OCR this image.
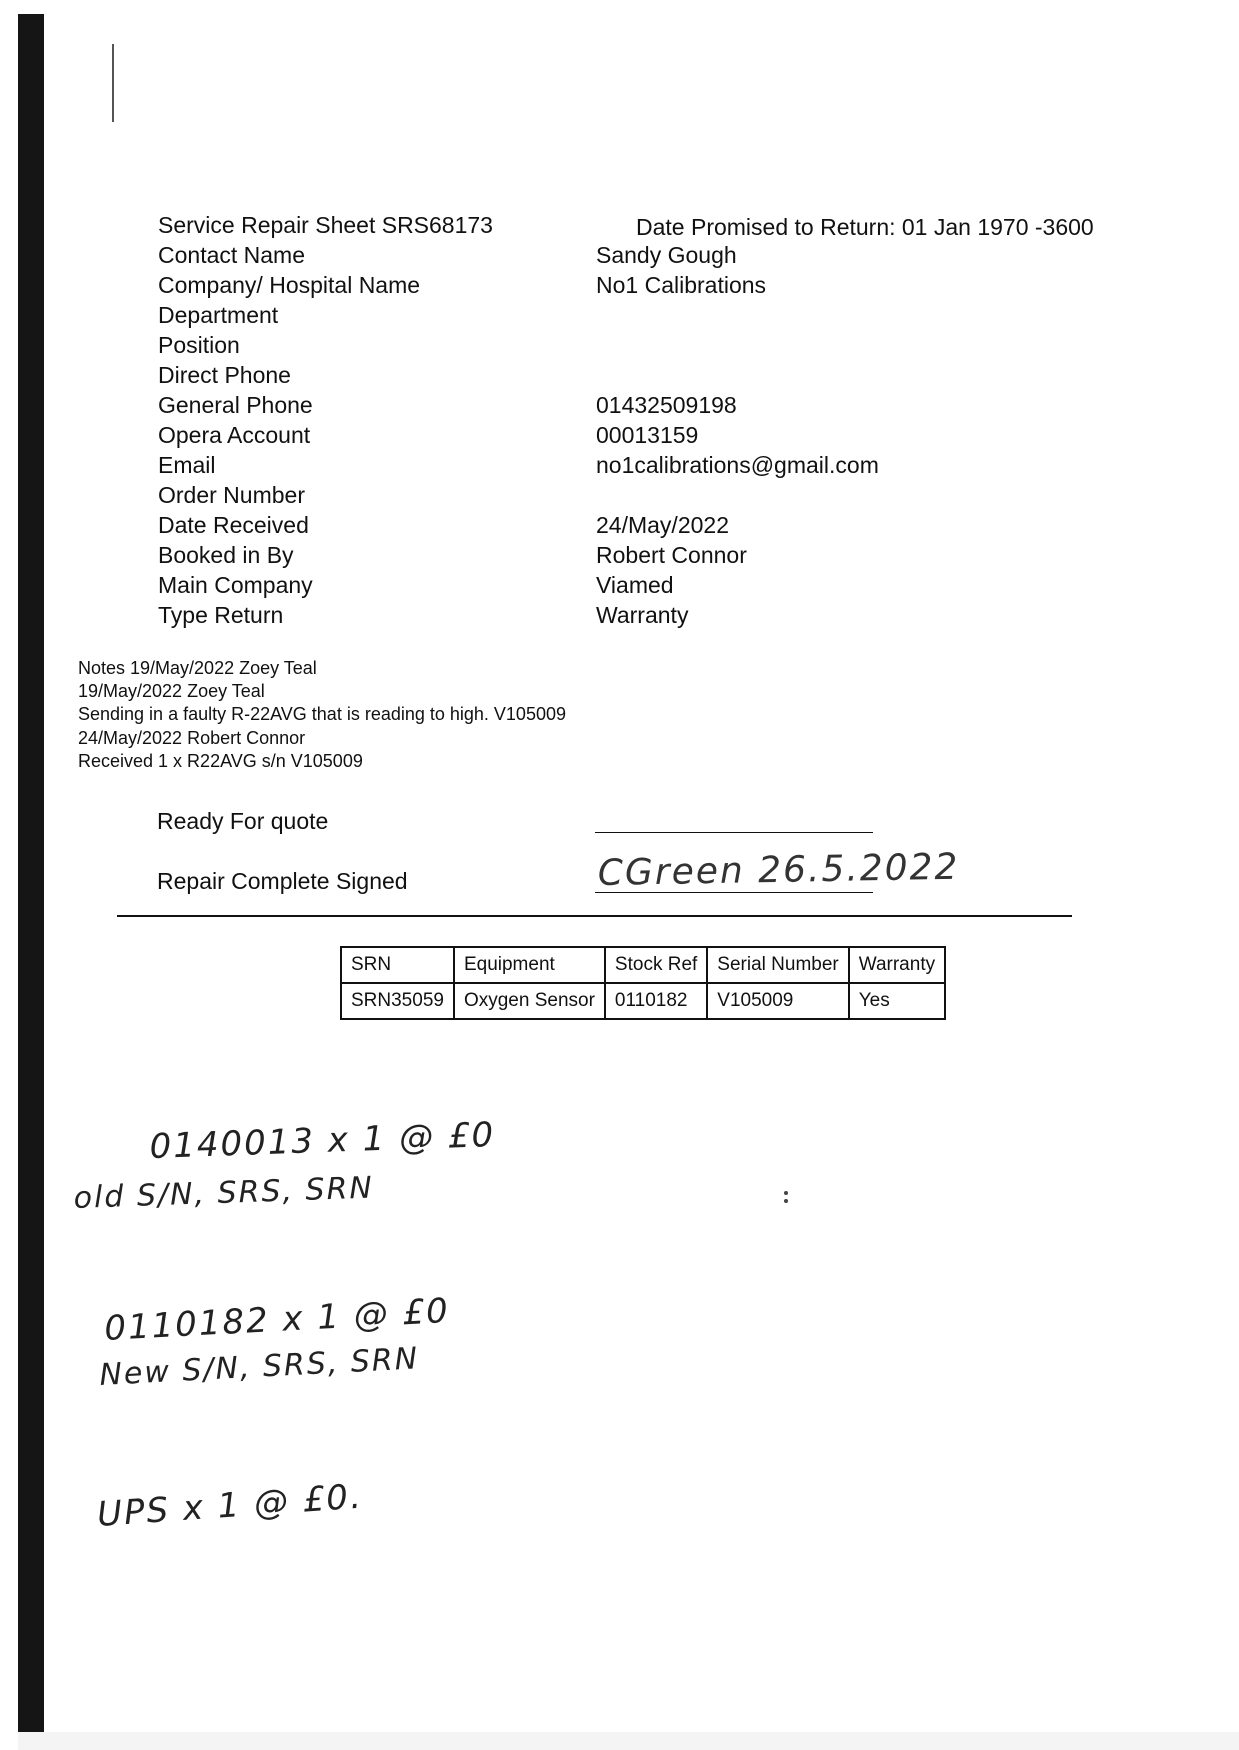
Service Repair Sheet SRS68173	Date Promised to Return: 01 Jan 1970 -3600
Contact Name	Sandy Gough
Company/ Hospital Name	No1 Calibrations
Department
Position
Direct Phone
General Phone	01432509198
Opera Account	00013159
Email	no1calibrations@gmail.com
Order Number
Date Received	24/May/2022
Booked in By	Robert Connor
Main Company	Viamed
Type Return	Warranty
Notes 19/May/2022 Zoey Teal
19/May/2022 Zoey Teal
Sending in a faulty R-22AVG that is reading to high. V105009
24/May/2022 Robert Connor
Received 1 x R22AVG s/n V105009
Ready For quote
Repair Complete Signed
SRN	Equipment	Stock Ref	Serial Number	Warranty
SRN35059	Oxygen Sensor	0110182	V105009	Yes
CGreen 26.5.2022
0140013 x 1 @ £0
old S/N, SRS, SRN
0110182 x 1 @ £0
New S/N, SRS, SRN
UPS x 1 @ £0.
